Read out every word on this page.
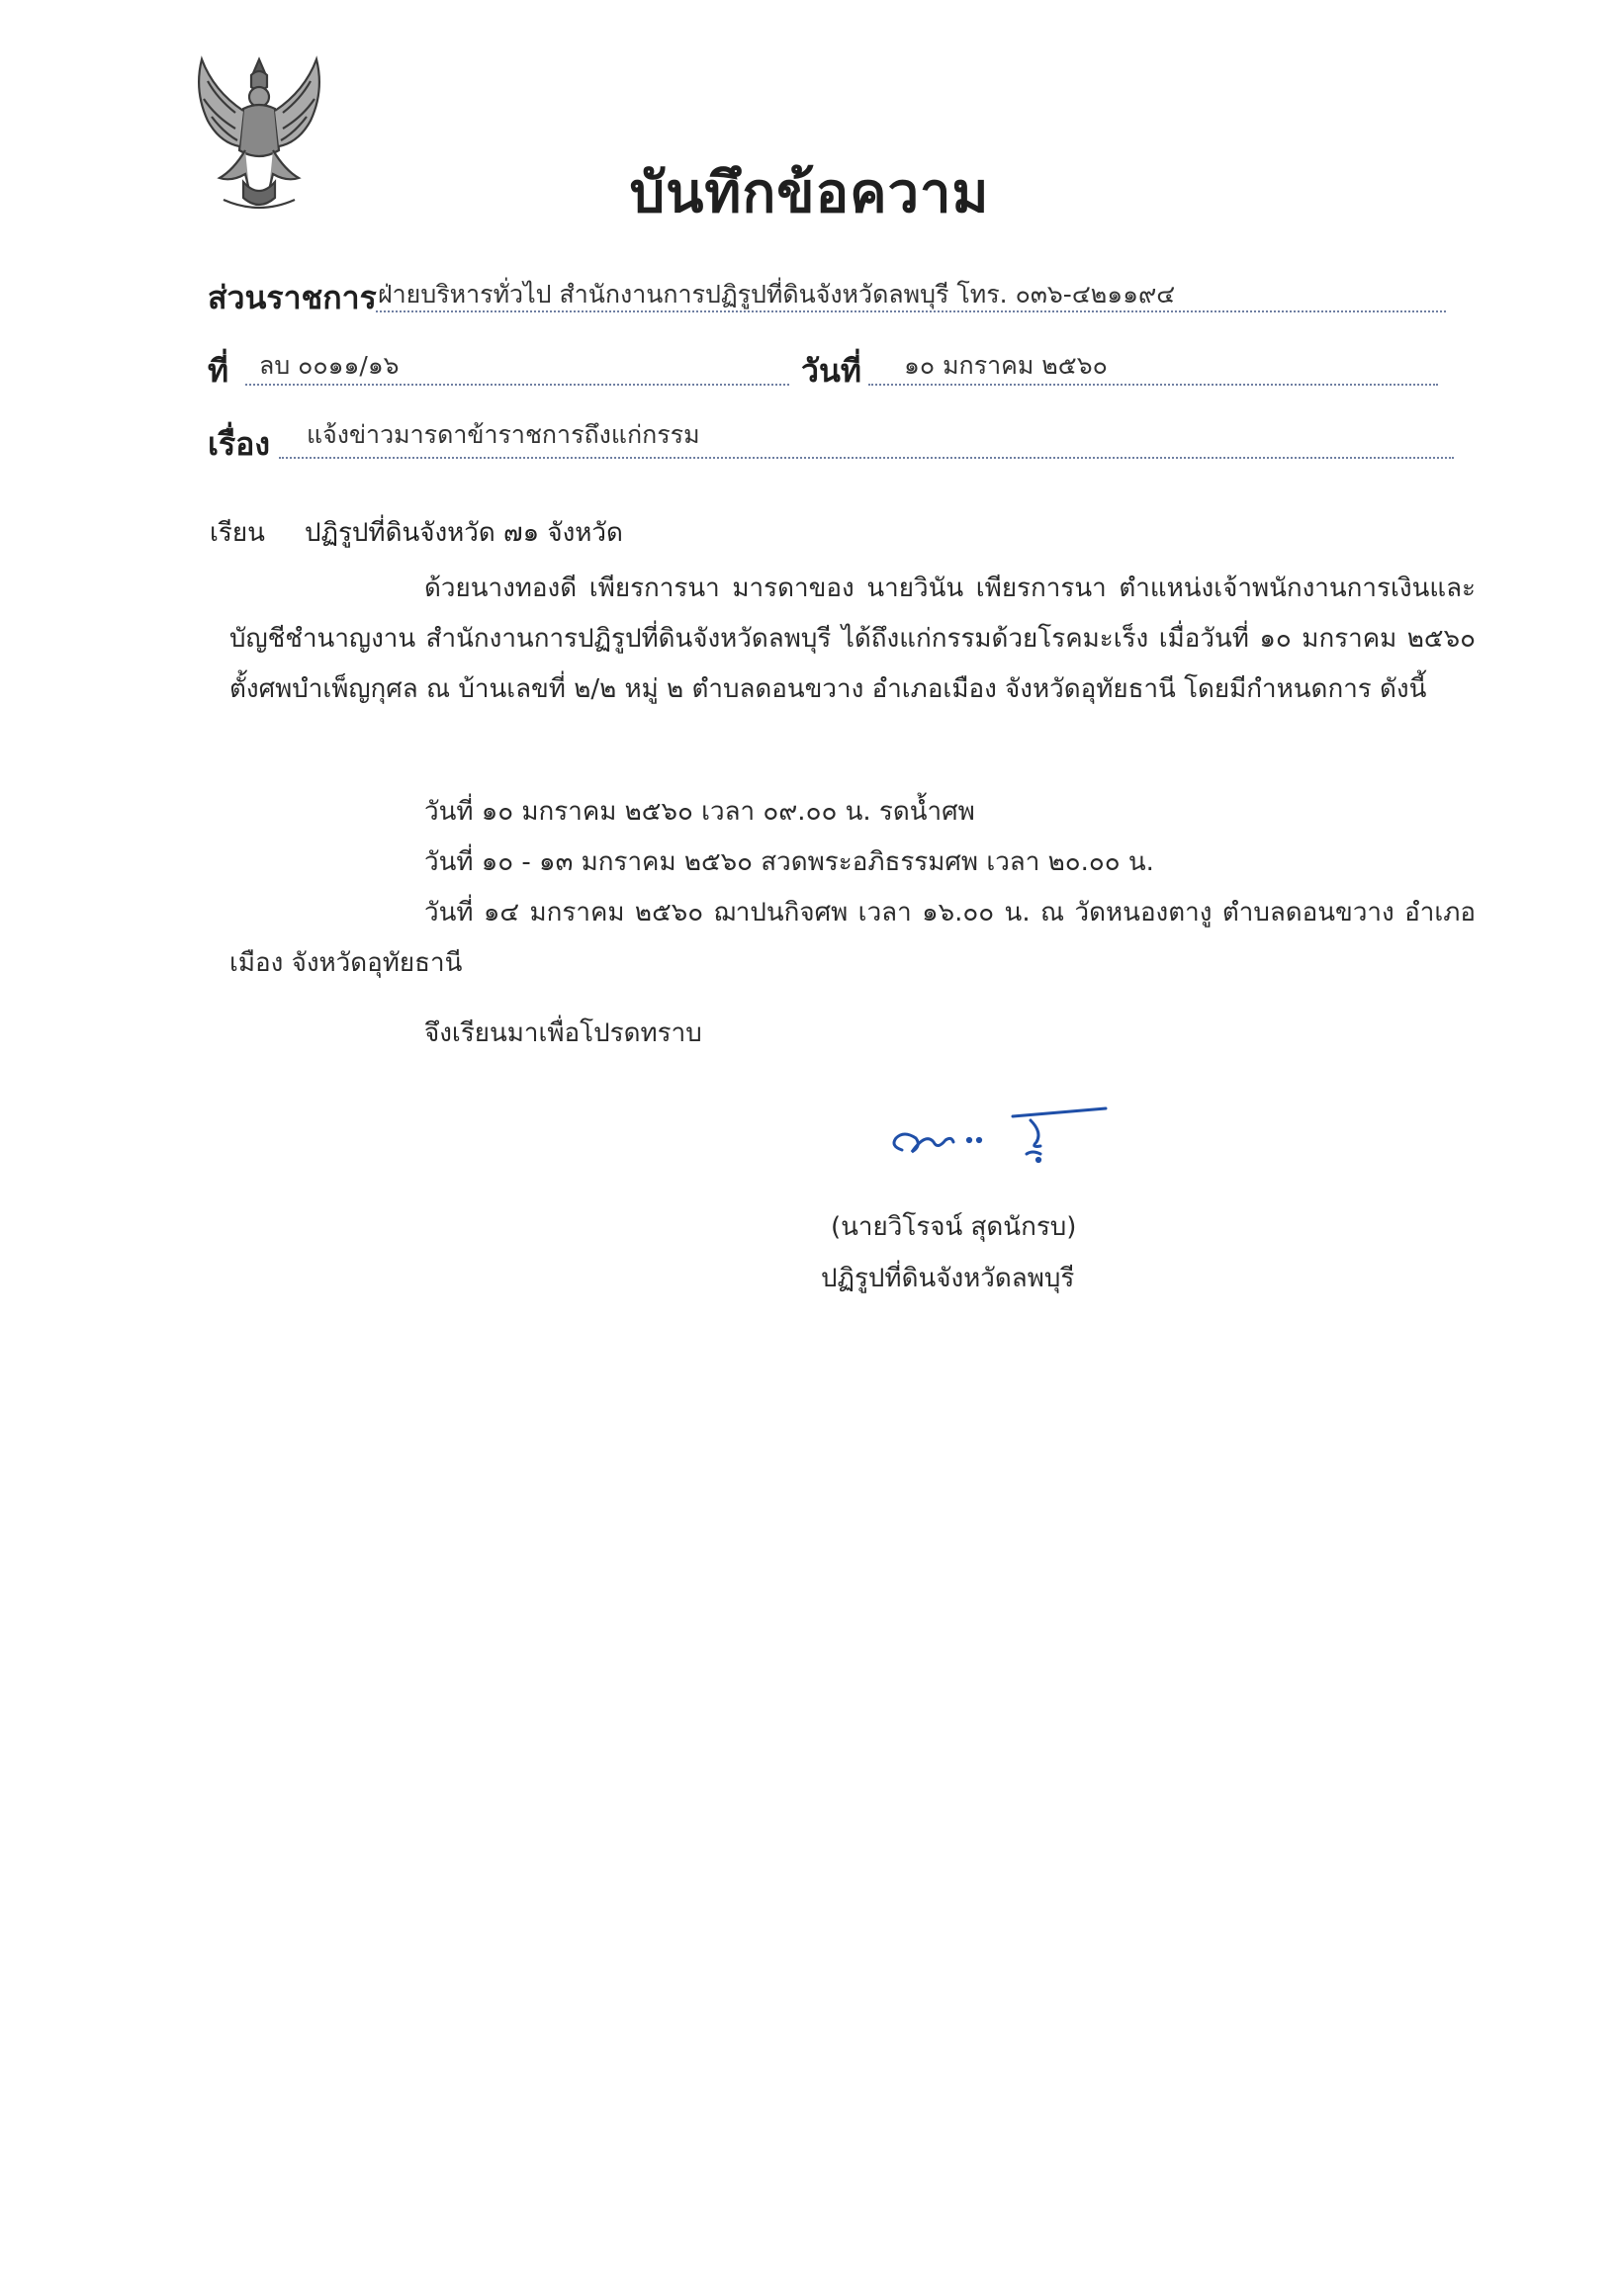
บันทึกข้อความ
ส่วนราชการ ฝ่ายบริหารทั่วไป สำนักงานการปฏิรูปที่ดินจังหวัดลพบุรี โทร. ๐๓๖-๔๒๑๑๙๔
ที่ ลบ ๐๐๑๑/๑๖	วันที่ ๑๐ มกราคม ๒๕๖๐
เรื่อง แจ้งข่าวมารดาข้าราชการถึงแก่กรรม
เรียน ปฏิรูปที่ดินจังหวัด ๗๑ จังหวัด
ด้วยนางทองดี เพียรการนา มารดาของ นายวินัน เพียรการนา ตำแหน่งเจ้าพนักงานการเงินและบัญชีชำนาญงาน สำนักงานการปฏิรูปที่ดินจังหวัดลพบุรี ได้ถึงแก่กรรมด้วยโรคมะเร็ง เมื่อวันที่ ๑๐ มกราคม ๒๕๖๐ ตั้งศพบำเพ็ญกุศล ณ บ้านเลขที่ ๒/๒ หมู่ ๒ ตำบลดอนขวาง อำเภอเมือง จังหวัดอุทัยธานี โดยมีกำหนดการ ดังนี้
วันที่ ๑๐ มกราคม ๒๕๖๐ เวลา ๐๙.๐๐ น. รดน้ำศพ
วันที่ ๑๐ - ๑๓ มกราคม ๒๕๖๐ สวดพระอภิธรรมศพ เวลา ๒๐.๐๐ น.
วันที่ ๑๔ มกราคม ๒๕๖๐ ฌาปนกิจศพ เวลา ๑๖.๐๐ น. ณ วัดหนองตางู ตำบลดอนขวาง อำเภอเมือง จังหวัดอุทัยธานี
จึงเรียนมาเพื่อโปรดทราบ
(นายวิโรจน์ สุดนักรบ)
ปฏิรูปที่ดินจังหวัดลพบุรี
